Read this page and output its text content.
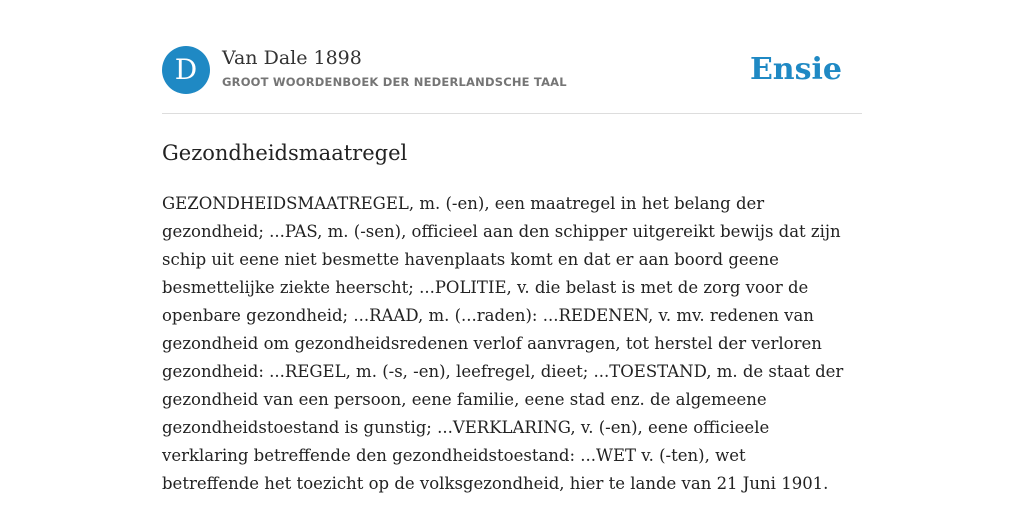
D	Van Dale 1898
GROOT WOORDENBOEK DER NEDERLANDSCHE TAAL	Ensie
Gezondheidsmaatregel

GEZONDHEIDSMAATREGEL, m. (-en), een maatregel in het belang der
gezondheid; ...PAS, m. (-sen), officieel aan den schipper uitgereikt bewijs dat zijn
schip uit eene niet besmette havenplaats komt en dat er aan boord geene
besmettelijke ziekte heerscht; ...POLITIE, v. die belast is met de zorg voor de
openbare gezondheid; ...RAAD, m. (...raden): ...REDENEN, v. mv. redenen van
gezondheid om gezondheidsredenen verlof aanvragen, tot herstel der verloren
gezondheid: ...REGEL, m. (-s, -en), leefregel, dieet; ...TOESTAND, m. de staat der
gezondheid van een persoon, eene familie, eene stad enz. de algemeene
gezondheidstoestand is gunstig; ...VERKLARING, v. (-en), eene officieele
verklaring betreffende den gezondheidstoestand: ...WET v. (-ten), wet
betreffende het toezicht op de volksgezondheid, hier te lande van 21 Juni 1901.
